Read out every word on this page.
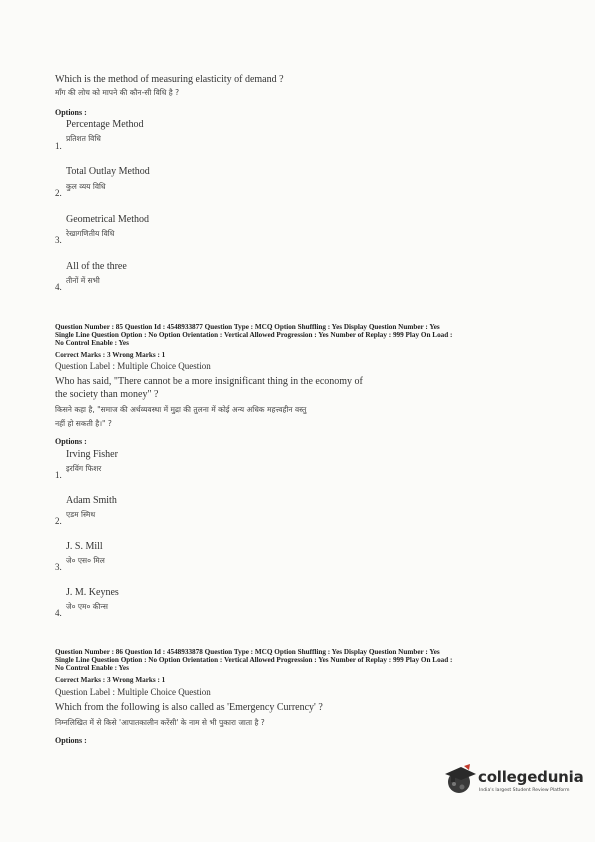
Which is the method of measuring elasticity of demand ?
माँग की लोच को मापने की कौन-सी विधि है ?
Options :
Percentage Method
प्रतिशत विधि
1.
Total Outlay Method
कुल व्यय विधि
2.
Geometrical Method
रेखागणितीय विधि
3.
All of the three
तीनों में सभी
4.
Question Number : 85 Question Id : 4548933877 Question Type : MCQ Option Shuffling : Yes Display Question Number : Yes
Single Line Question Option : No Option Orientation : Vertical Allowed Progression : Yes Number of Replay : 999 Play On Load :
No Control Enable : Yes
Correct Marks : 3 Wrong Marks : 1
Question Label : Multiple Choice Question
Who has said, "There cannot be a more insignificant thing in the economy of
the society than money" ?
किसने कहा है, "समाज की अर्थव्यवस्था में मुद्रा की तुलना में कोई अन्य अधिक महत्त्वहीन वस्तु
नहीं हो सकती है।" ?
Options :
Irving Fisher
इरविंग फिशर
1.
Adam Smith
एडम स्मिथ
2.
J. S. Mill
जे० एस० मिल
3.
J. M. Keynes
जे० एम० कीन्स
4.
Question Number : 86 Question Id : 4548933878 Question Type : MCQ Option Shuffling : Yes Display Question Number : Yes
Single Line Question Option : No Option Orientation : Vertical Allowed Progression : Yes Number of Replay : 999 Play On Load :
No Control Enable : Yes
Correct Marks : 3 Wrong Marks : 1
Question Label : Multiple Choice Question
Which from the following is also called as 'Emergency Currency' ?
निम्नलिखित में से किसे 'आपातकालीन करेंसी' के नाम से भी पुकारा जाता है ?
Options :
collegedunia
India's largest Student Review Platform
